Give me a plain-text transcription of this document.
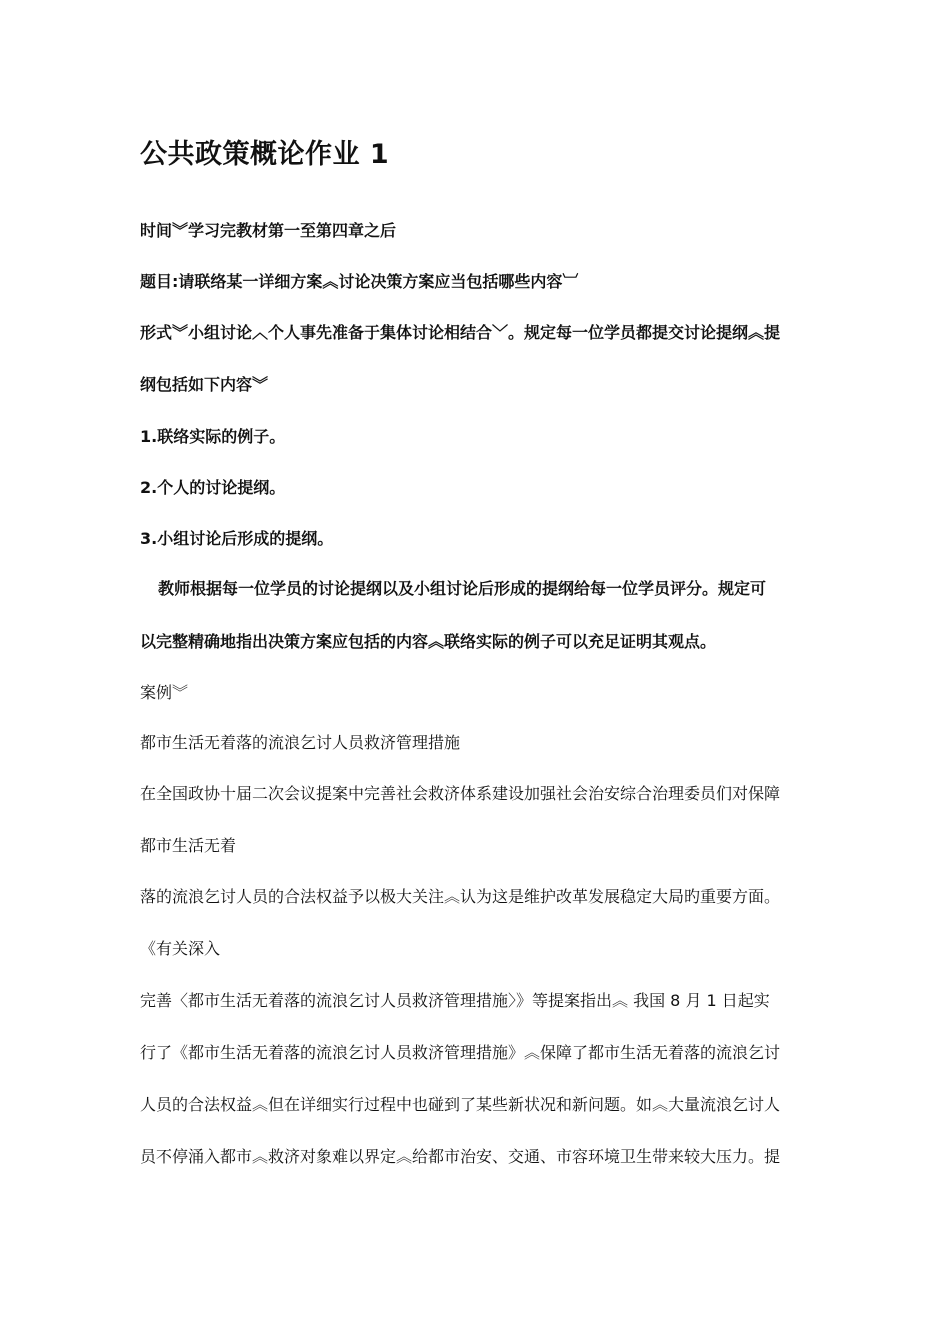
公共政策概论作业 1

时间︾学习完教材第一至第四章之后

题目:请联络某一详细方案︽讨论决策方案应当包括哪些内容︺

形式︾小组讨论︿个人事先准备于集体讨论相结合﹀。规定每一位学员都提交讨论提纲︽提

纲包括如下内容︾

1.联络实际的例子。

2.个人的讨论提纲。

3.小组讨论后形成的提纲。

教师根据每一位学员的讨论提纲以及小组讨论后形成的提纲给每一位学员评分。规定可

以完整精确地指出决策方案应包括的内容︽联络实际的例子可以充足证明其观点。

案例︾

都市生活无着落的流浪乞讨人员救济管理措施

在全国政协十届二次会议提案中完善社会救济体系建设加强社会治安综合治理委员们对保障

都市生活无着

落的流浪乞讨人员的合法权益予以极大关注︽认为这是维护改革发展稳定大局旳重要方面。

《有关深入

完善〈都市生活无着落的流浪乞讨人员救济管理措施〉》等提案指出︽ 我国 8 月 1 日起实

行了《都市生活无着落的流浪乞讨人员救济管理措施》︽保障了都市生活无着落的流浪乞讨

人员的合法权益︽但在详细实行过程中也碰到了某些新状况和新问题。如︽大量流浪乞讨人

员不停涌入都市︽救济对象难以界定︽给都市治安、交通、市容环境卫生带来较大压力。提
